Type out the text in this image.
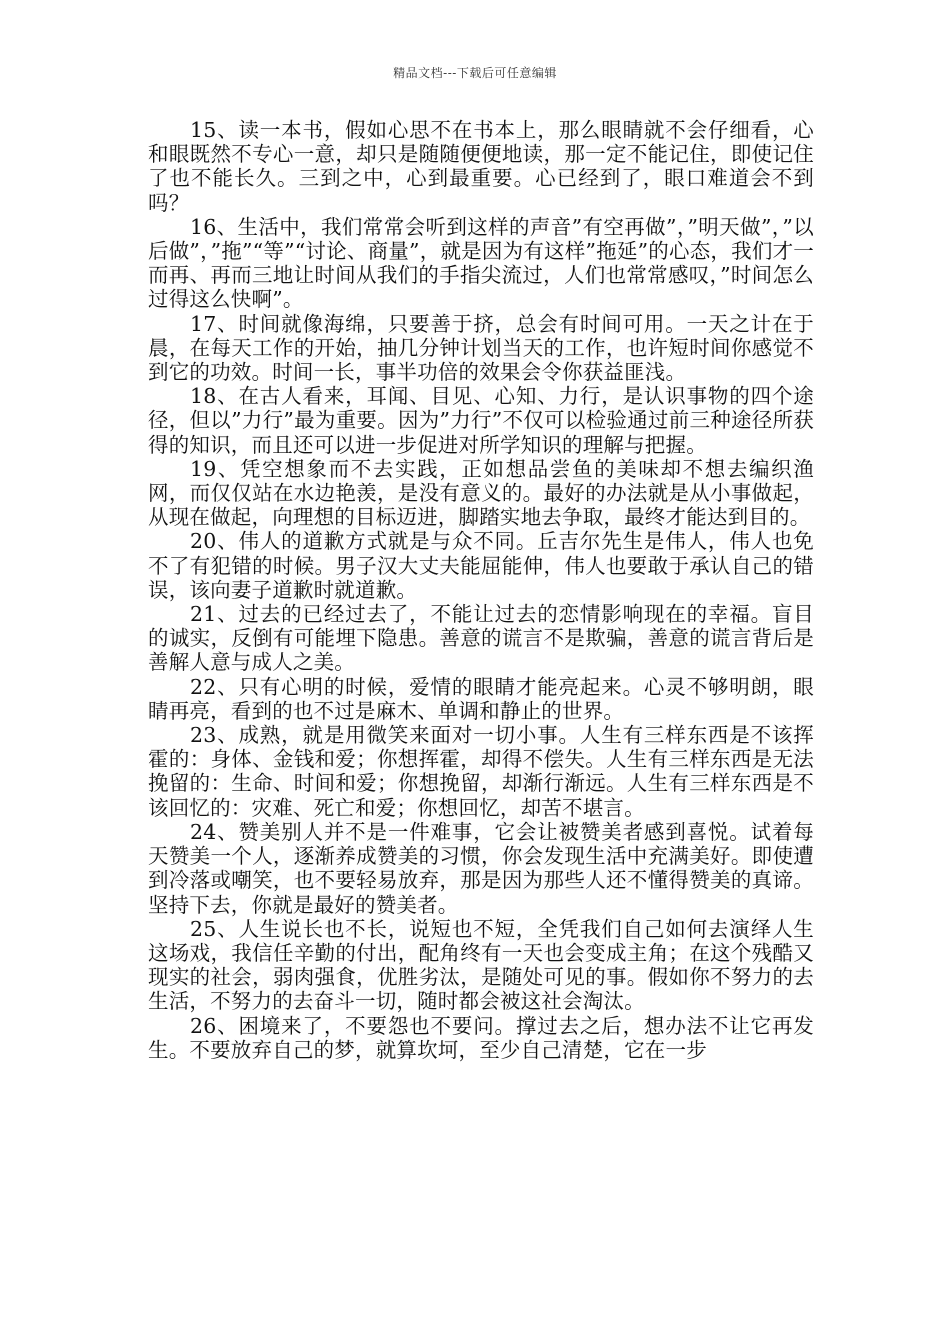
精品文档---下载后可任意编辑

15、读一本书，假如心思不在书本上，那么眼睛就不会仔细看，心和眼既然不专心一意，却只是随随便便地读，那一定不能记住，即使记住了也不能长久。三到之中，心到最重要。心已经到了，眼口难道会不到吗？

16、生活中，我们常常会听到这样的声音”有空再做”，”明天做”，”以后做”，”拖”“等”“讨论、商量”，就是因为有这样”拖延”的心态，我们才一而再、再而三地让时间从我们的手指尖流过，人们也常常感叹，”时间怎么过得这么快啊”。

17、时间就像海绵，只要善于挤，总会有时间可用。一天之计在于晨，在每天工作的开始，抽几分钟计划当天的工作，也许短时间你感觉不到它的功效。时间一长，事半功倍的效果会令你获益匪浅。

18、在古人看来，耳闻、目见、心知、力行，是认识事物的四个途径，但以”力行”最为重要。因为”力行”不仅可以检验通过前三种途径所获得的知识，而且还可以进一步促进对所学知识的理解与把握。

19、凭空想象而不去实践，正如想品尝鱼的美味却不想去编织渔网，而仅仅站在水边艳羡，是没有意义的。最好的办法就是从小事做起，从现在做起，向理想的目标迈进，脚踏实地去争取，最终才能达到目的。

20、伟人的道歉方式就是与众不同。丘吉尔先生是伟人，伟人也免不了有犯错的时候。男子汉大丈夫能屈能伸，伟人也要敢于承认自己的错误，该向妻子道歉时就道歉。

21、过去的已经过去了，不能让过去的恋情影响现在的幸福。盲目的诚实，反倒有可能埋下隐患。善意的谎言不是欺骗，善意的谎言背后是善解人意与成人之美。

22、只有心明的时候，爱情的眼睛才能亮起来。心灵不够明朗，眼睛再亮，看到的也不过是麻木、单调和静止的世界。

23、成熟，就是用微笑来面对一切小事。人生有三样东西是不该挥霍的：身体、金钱和爱；你想挥霍，却得不偿失。人生有三样东西是无法挽留的：生命、时间和爱；你想挽留，却渐行渐远。人生有三样东西是不该回忆的：灾难、死亡和爱；你想回忆，却苦不堪言。

24、赞美别人并不是一件难事，它会让被赞美者感到喜悦。试着每天赞美一个人，逐渐养成赞美的习惯，你会发现生活中充满美好。即使遭到冷落或嘲笑，也不要轻易放弃，那是因为那些人还不懂得赞美的真谛。坚持下去，你就是最好的赞美者。

25、人生说长也不长，说短也不短，全凭我们自己如何去演绎人生这场戏，我信任辛勤的付出，配角终有一天也会变成主角；在这个残酷又现实的社会，弱肉强食，优胜劣汰，是随处可见的事。假如你不努力的去生活，不努力的去奋斗一切，随时都会被这社会淘汰。

26、困境来了，不要怨也不要问。撑过去之后，想办法不让它再发生。不要放弃自己的梦，就算坎坷，至少自己清楚，它在一步
